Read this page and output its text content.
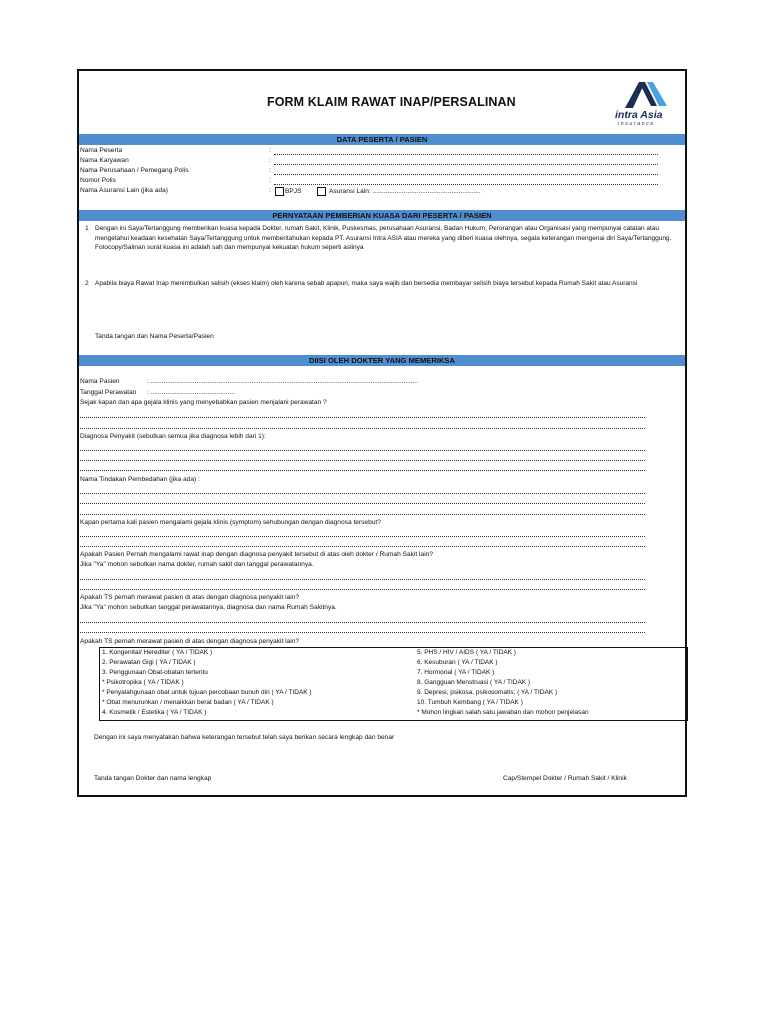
FORM KLAIM RAWAT INAP/PERSALINAN
intra Asia
insurance
DATA PESERTA / PASIEN
Nama Peserta	:
Nama Karyawan	:
Nama Perusahaan / Pemegang Polis	:
Nomor Polis	:
Nama Asuransi Lain (jika ada)	: BPJS	Asuransi Lain: ...........................................................
PERNYATAAN PEMBERIAN KUASA DARI PESERTA / PASIEN
1 Dengan ini Saya/Tertanggung memberikan kuasa kepada Dokter, rumah Sakit, Klinik, Puskesmas, perusahaan Asuransi, Badan Hukum, Perorangan atau Organisasi yang mempunyai catatan atau mengetahui keadaan kesehatan Saya/Tertanggung untuk memberitahukan kepada PT. Asuransi Intra ASIA atau mereka yang diberi kuasa olehnya, segala keterangan mengenai diri Saya/Tertanggung. Fotocopy/Salinan surat kuasa ini adalah sah dan mempunyai kekuatan hukum seperti aslinya
2 Apabila biaya Rawat Inap menimbulkan selisih (ekses klaim) oleh karena sebab apapun, maka saya wajib dan bersedia membayar selisih biaya tersebut kepada Rumah Sakit atau Asuransi
Tanda tangan dan Nama Peserta/Pasien
DIISI OLEH DOKTER YANG MEMERIKSA
Nama Pasien	: ..................................................................................................................................................
Tanggal Perawatan : ..............................................
Sejak kapan dan apa gejala klinis yang menyebabkan pasien menjalani perawatan ?
Diagnosa Penyakit (sebutkan semua jika diagnosa lebih dari 1):
Nama Tindakan Pembedahan (jika ada) :
Kapan pertama kali pasien mengalami gejala klinis (symptom) sehubungan dengan diagnosa tersebut?
Apakah Pasien Pernah mengalami rawat inap dengan diagnosa penyakit tersebut di atas oleh dokter / Rumah Sakit lain?
Jika "Ya" mohon sebutkan nama dokter, rumah sakit dan tanggal perawatannya.
Apakah TS pernah merawat pasien di atas dengan diagnosa penyakit lain?
Jika "Ya" mohon sebutkan tanggal perawatannya, diagnosa dan nama Rumah Sakitnya.
Apakah TS pernah merawat pasien di atas dengan diagnosa penyakit lain?
1. Kongenital/ Herediter ( YA / TIDAK )
2. Perawatan Gigi ( YA / TIDAK )
3. Penggunaan Obat-obatan tertentu
* Psikotropika ( YA / TIDAK )
* Penyalahgunaan obat untuk tujuan percobaan bunuh diri ( YA / TIDAK )
* Obat menurunkan / menaikkan berat badan ( YA / TIDAK )
4. Kosmetik / Estetika ( YA / TIDAK )
5. PHS / HIV / AIDS ( YA / TIDAK )
6. Kesuburan ( YA / TIDAK )
7. Hormonal ( YA / TIDAK )
8. Gangguan Menstruasi ( YA / TIDAK )
9. Depresi, psikosa, psikosomatis; ( YA / TIDAK )
10. Tumbuh Kembang ( YA / TIDAK )
* Mohon lingkari salah satu jawaban dan mohon penjelasan
Dengan ini saya menyatakan bahwa keterangan tersebut telah saya berikan secara lengkap dan benar
Tanda tangan Dokter dan nama lengkap	Cap/Stempel Dokter / Rumah Sakit / Klinik
